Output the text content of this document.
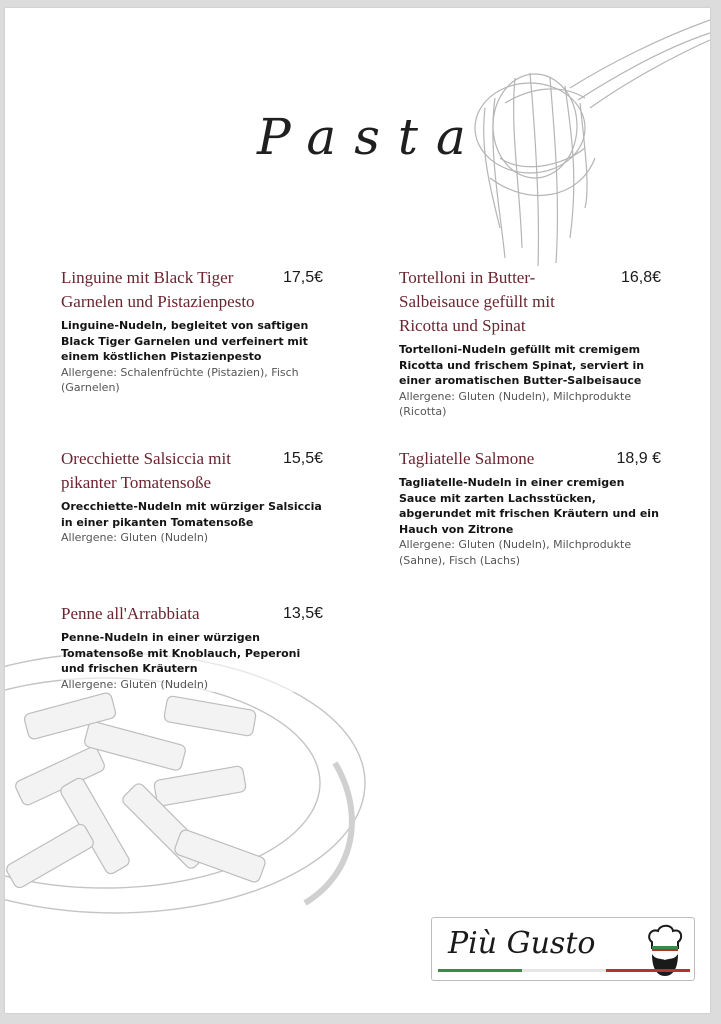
Pasta
Linguine mit Black Tiger Garnelen und Pistazienpesto
17,5€
Linguine-Nudeln, begleitet von saftigen Black Tiger Garnelen und verfeinert mit einem köstlichen Pistazienpesto
Allergene: Schalenfrüchte (Pistazien), Fisch (Garnelen)
Tortelloni in Butter-Salbeisauce gefüllt mit Ricotta und Spinat
16,8€
Tortelloni-Nudeln gefüllt mit cremigem Ricotta und frischem Spinat, serviert in einer aromatischen Butter-Salbeisauce
Allergene: Gluten (Nudeln), Milchprodukte (Ricotta)
Orecchiette Salsiccia mit pikanter Tomatensoße
15,5€
Orecchiette-Nudeln mit würziger Salsiccia in einer pikanten Tomatensoße
Allergene: Gluten (Nudeln)
Tagliatelle Salmone	18,9 €
Tagliatelle-Nudeln in einer cremigen Sauce mit zarten Lachsstücken, abgerundet mit frischen Kräutern und ein Hauch von Zitrone
Allergene: Gluten (Nudeln), Milchprodukte (Sahne), Fisch (Lachs)
Penne all'Arrabbiata	13,5€
Penne-Nudeln in einer würzigen Tomatensoße mit Knoblauch, Peperoni und frischen Kräutern
Allergene: Gluten (Nudeln)
Più Gusto
